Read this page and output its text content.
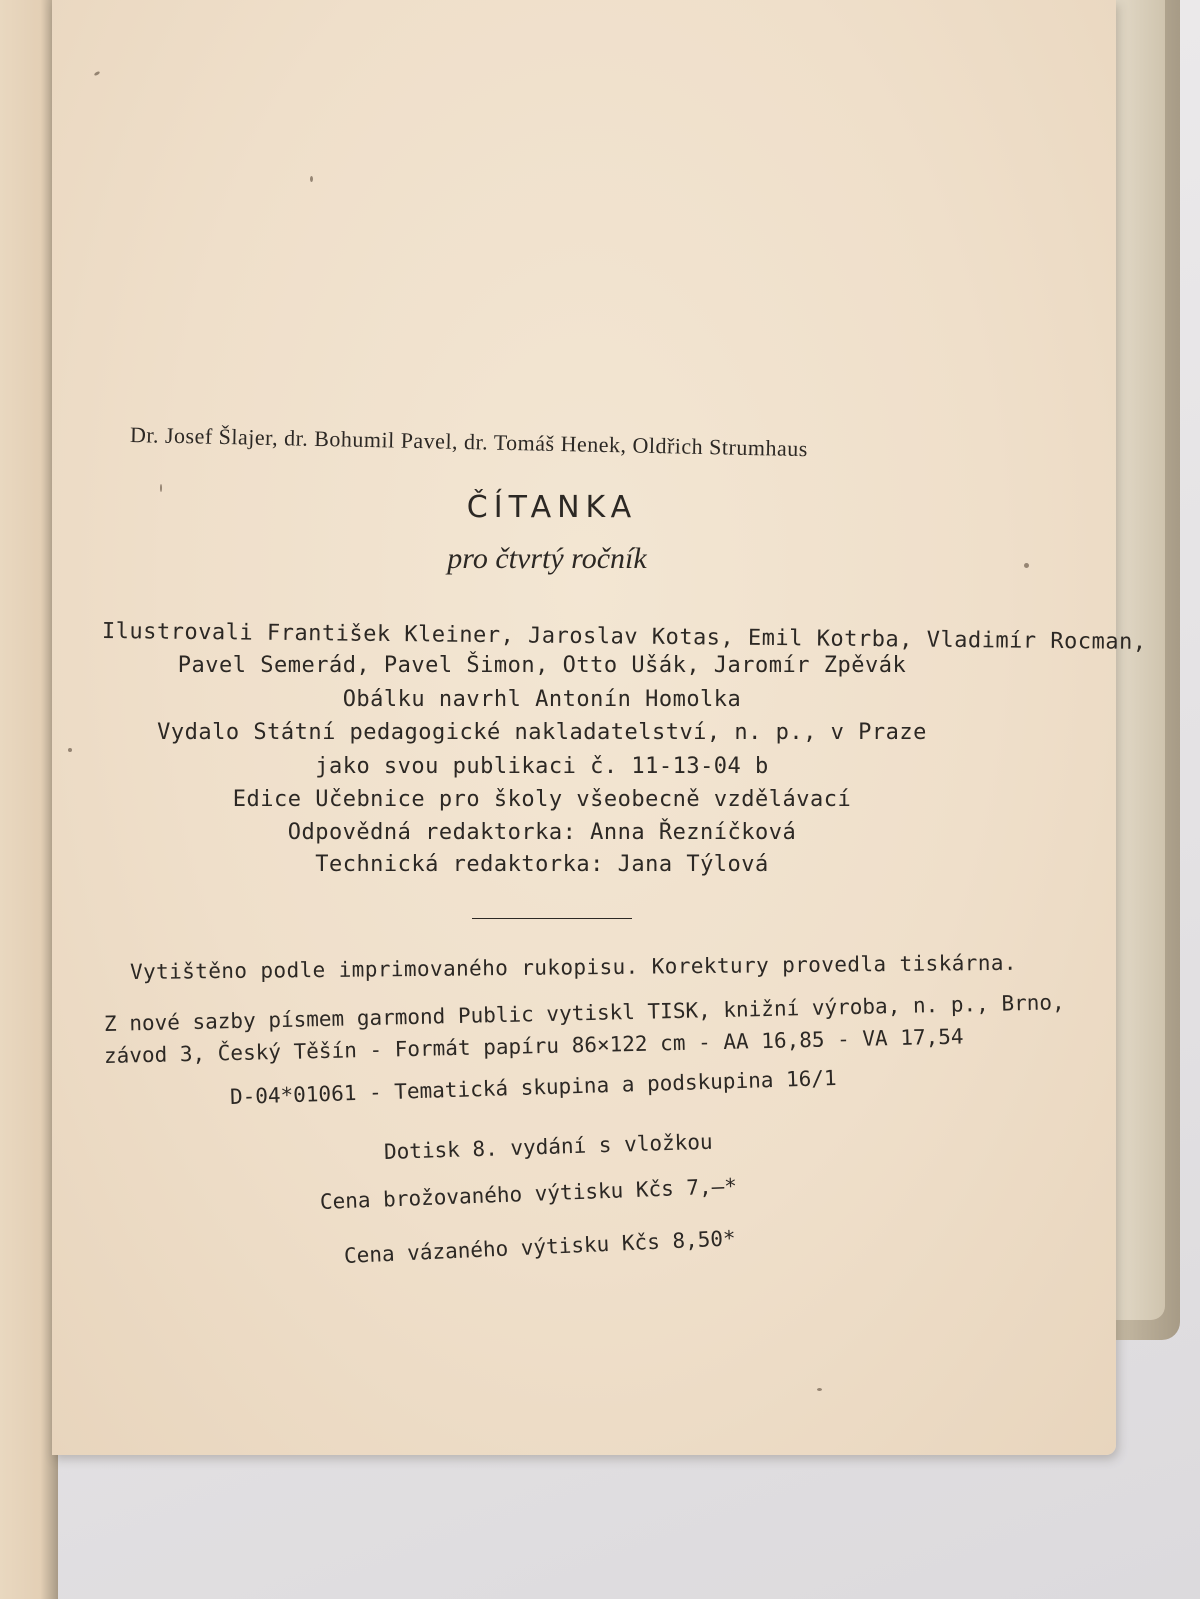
Dr. Josef Šlajer, dr. Bohumil Pavel, dr. Tomáš Henek, Oldřich Strumhaus
ČÍTANKA
pro čtvrtý ročník
Ilustrovali František Kleiner, Jaroslav Kotas, Emil Kotrba, Vladimír Rocman,
Pavel Semerád, Pavel Šimon, Otto Ušák, Jaromír Zpěvák
Obálku navrhl Antonín Homolka
Vydalo Státní pedagogické nakladatelství, n. p., v Praze
jako svou publikaci č. 11-13-04 b
Edice Učebnice pro školy všeobecně vzdělávací
Odpovědná redaktorka: Anna Řezníčková
Technická redaktorka: Jana Týlová
Vytištěno podle imprimovaného rukopisu. Korektury provedla tiskárna.
Z nové sazby písmem garmond Public vytiskl TISK, knižní výroba, n. p., Brno,
závod 3, Český Těšín - Formát papíru 86×122 cm - AA 16,85 - VA 17,54
D-04*01061 - Tematická skupina a podskupina 16/1
Dotisk 8. vydání s vložkou
Cena brožovaného výtisku Kčs 7,—*
Cena vázaného výtisku Kčs 8,50*
